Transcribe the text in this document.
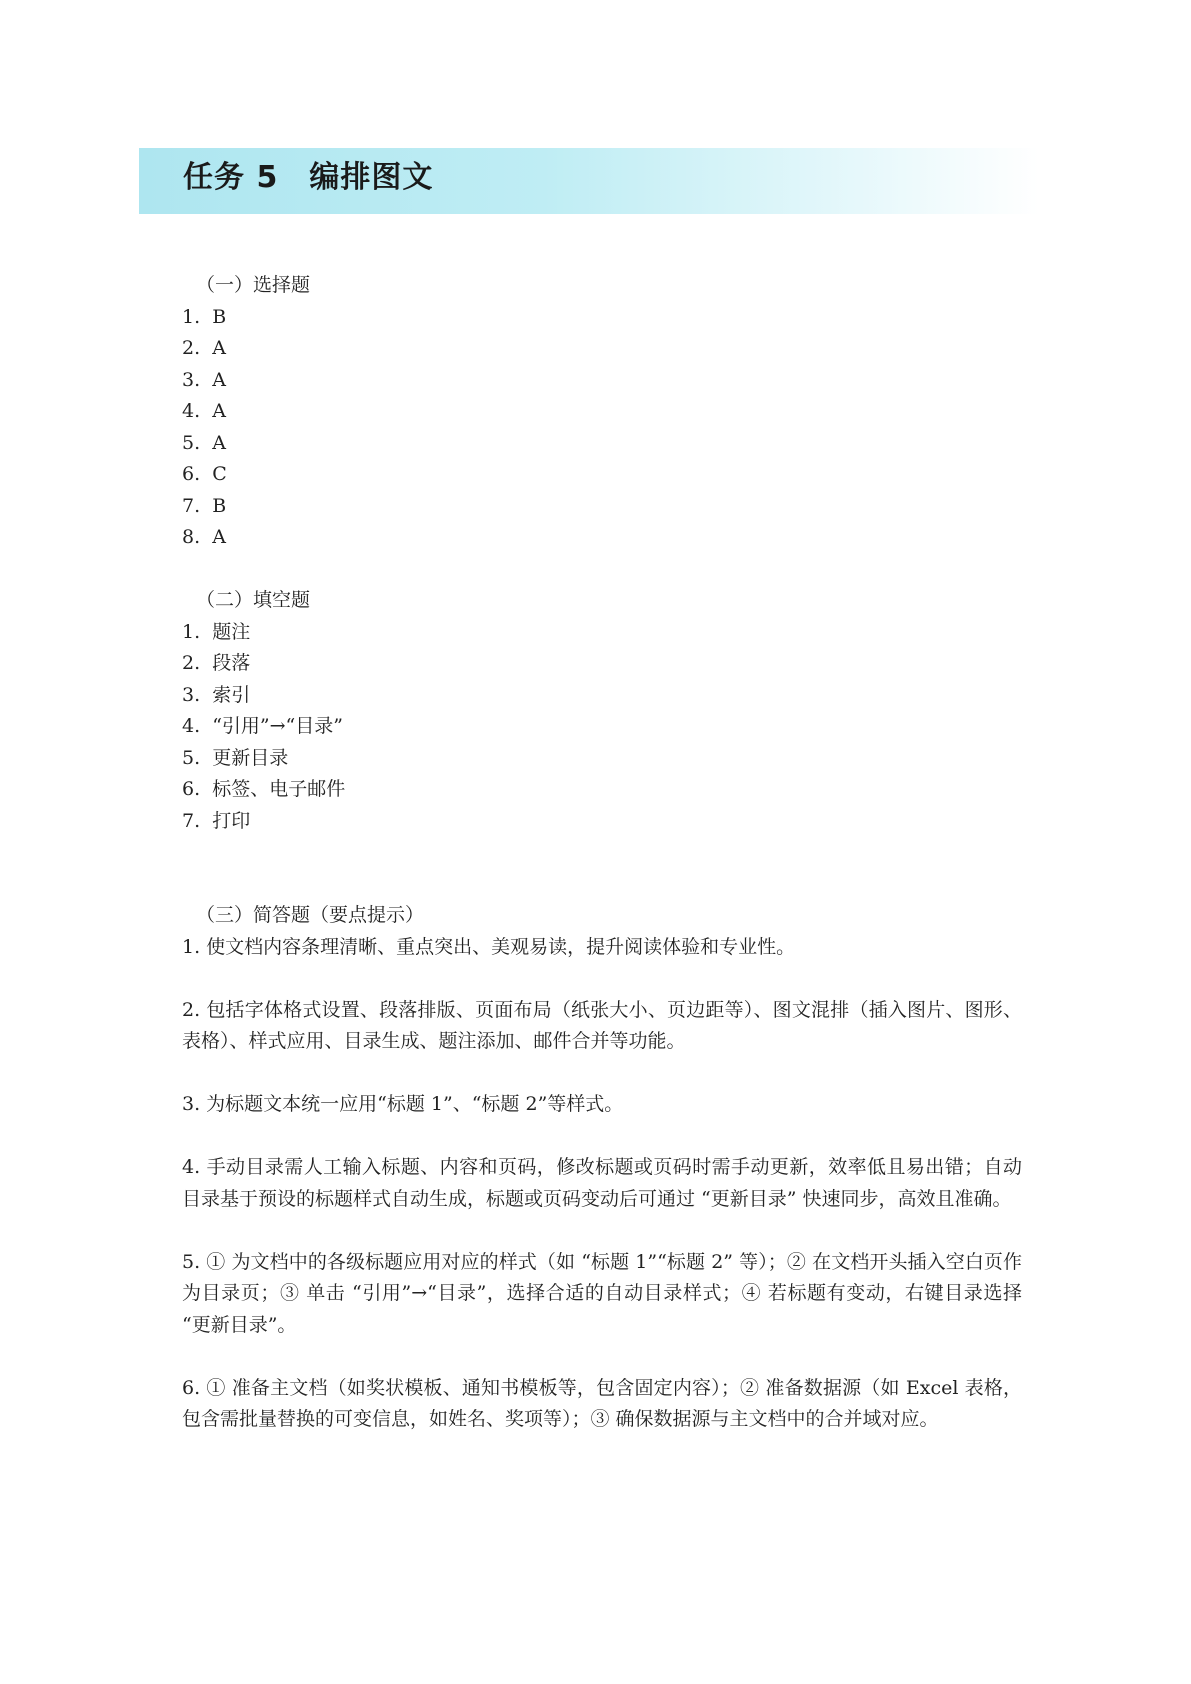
任务 5　编排图文
（一）选择题
1.  B
2.  A
3.  A
4.  A
5.  A
6.  C
7.  B
8.  A
（二）填空题
1.  题注
2.  段落
3.  索引
4.  “引用”→“目录”
5.  更新目录
6.  标签、电子邮件
7.  打印
（三）简答题（要点提示）

1. 使文档内容条理清晰、重点突出、美观易读，提升阅读体验和专业性。

2. 包括字体格式设置、段落排版、页面布局（纸张大小、页边距等）、图文混排（插入图片、图形、表格）、样式应用、目录生成、题注添加、邮件合并等功能。

3. 为标题文本统一应用“标题 1”、“标题 2”等样式。

4. 手动目录需人工输入标题、内容和页码，修改标题或页码时需手动更新，效率低且易出错；自动目录基于预设的标题样式自动生成，标题或页码变动后可通过 “更新目录” 快速同步，高效且准确。

5. ① 为文档中的各级标题应用对应的样式（如 “标题 1”“标题 2” 等）；② 在文档开头插入空白页作为目录页；③ 单击 “引用”→“目录”，选择合适的自动目录样式；④ 若标题有变动，右键目录选择 “更新目录”。

6. ① 准备主文档（如奖状模板、通知书模板等，包含固定内容）；② 准备数据源（如 Excel 表格，包含需批量替换的可变信息，如姓名、奖项等）；③ 确保数据源与主文档中的合并域对应。
